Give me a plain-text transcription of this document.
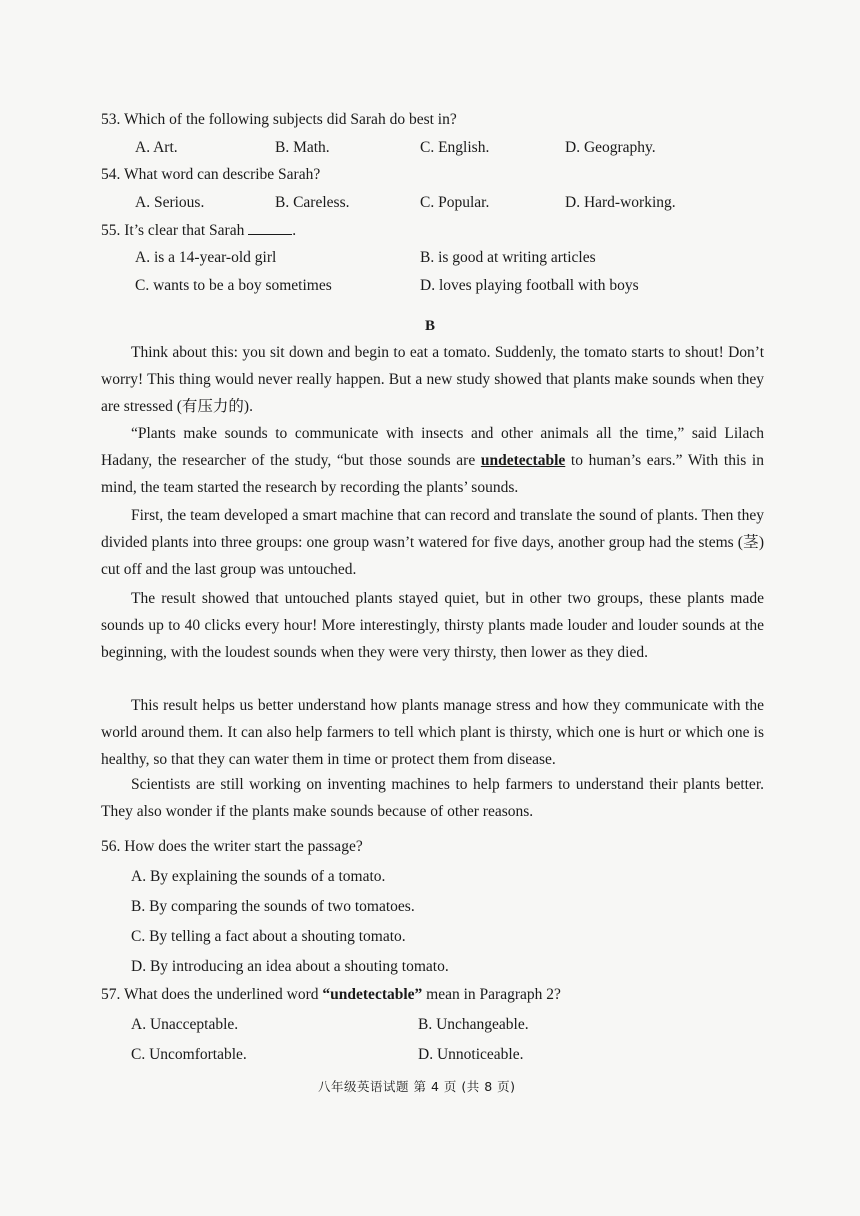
53. Which of the following subjects did Sarah do best in?
A. Art.	B. Math.	C. English.	D. Geography.
54. What word can describe Sarah?
A. Serious.	B. Careless.	C. Popular.	D. Hard-working.
55. It’s clear that Sarah	.
A. is a 14-year-old girl	B. is good at writing articles
C. wants to be a boy sometimes	D. loves playing football with boys
B
Think about this: you sit down and begin to eat a tomato. Suddenly, the tomato starts to shout! Don’t worry! This thing would never really happen. But a new study showed that plants make sounds when they are stressed (有压力的).
“Plants make sounds to communicate with insects and other animals all the time,” said Lilach Hadany, the researcher of the study, “but those sounds are undetectable to human’s ears.” With this in mind, the team started the research by recording the plants’ sounds.
First, the team developed a smart machine that can record and translate the sound of plants. Then they divided plants into three groups: one group wasn’t watered for five days, another group had the stems (茎) cut off and the last group was untouched.
The result showed that untouched plants stayed quiet, but in other two groups, these plants made sounds up to 40 clicks every hour! More interestingly, thirsty plants made louder and louder sounds at the beginning, with the loudest sounds when they were very thirsty, then lower as they died.
This result helps us better understand how plants manage stress and how they communicate with the world around them. It can also help farmers to tell which plant is thirsty, which one is hurt or which one is healthy, so that they can water them in time or protect them from disease.
Scientists are still working on inventing machines to help farmers to understand their plants better. They also wonder if the plants make sounds because of other reasons.
56. How does the writer start the passage?
A. By explaining the sounds of a tomato.
B. By comparing the sounds of two tomatoes.
C. By telling a fact about a shouting tomato.
D. By introducing an idea about a shouting tomato.
57. What does the underlined word “undetectable” mean in Paragraph 2?
A. Unacceptable.	B. Unchangeable.
C. Uncomfortable.	D. Unnoticeable.
八年级英语试题 第 4 页 (共 8 页)
